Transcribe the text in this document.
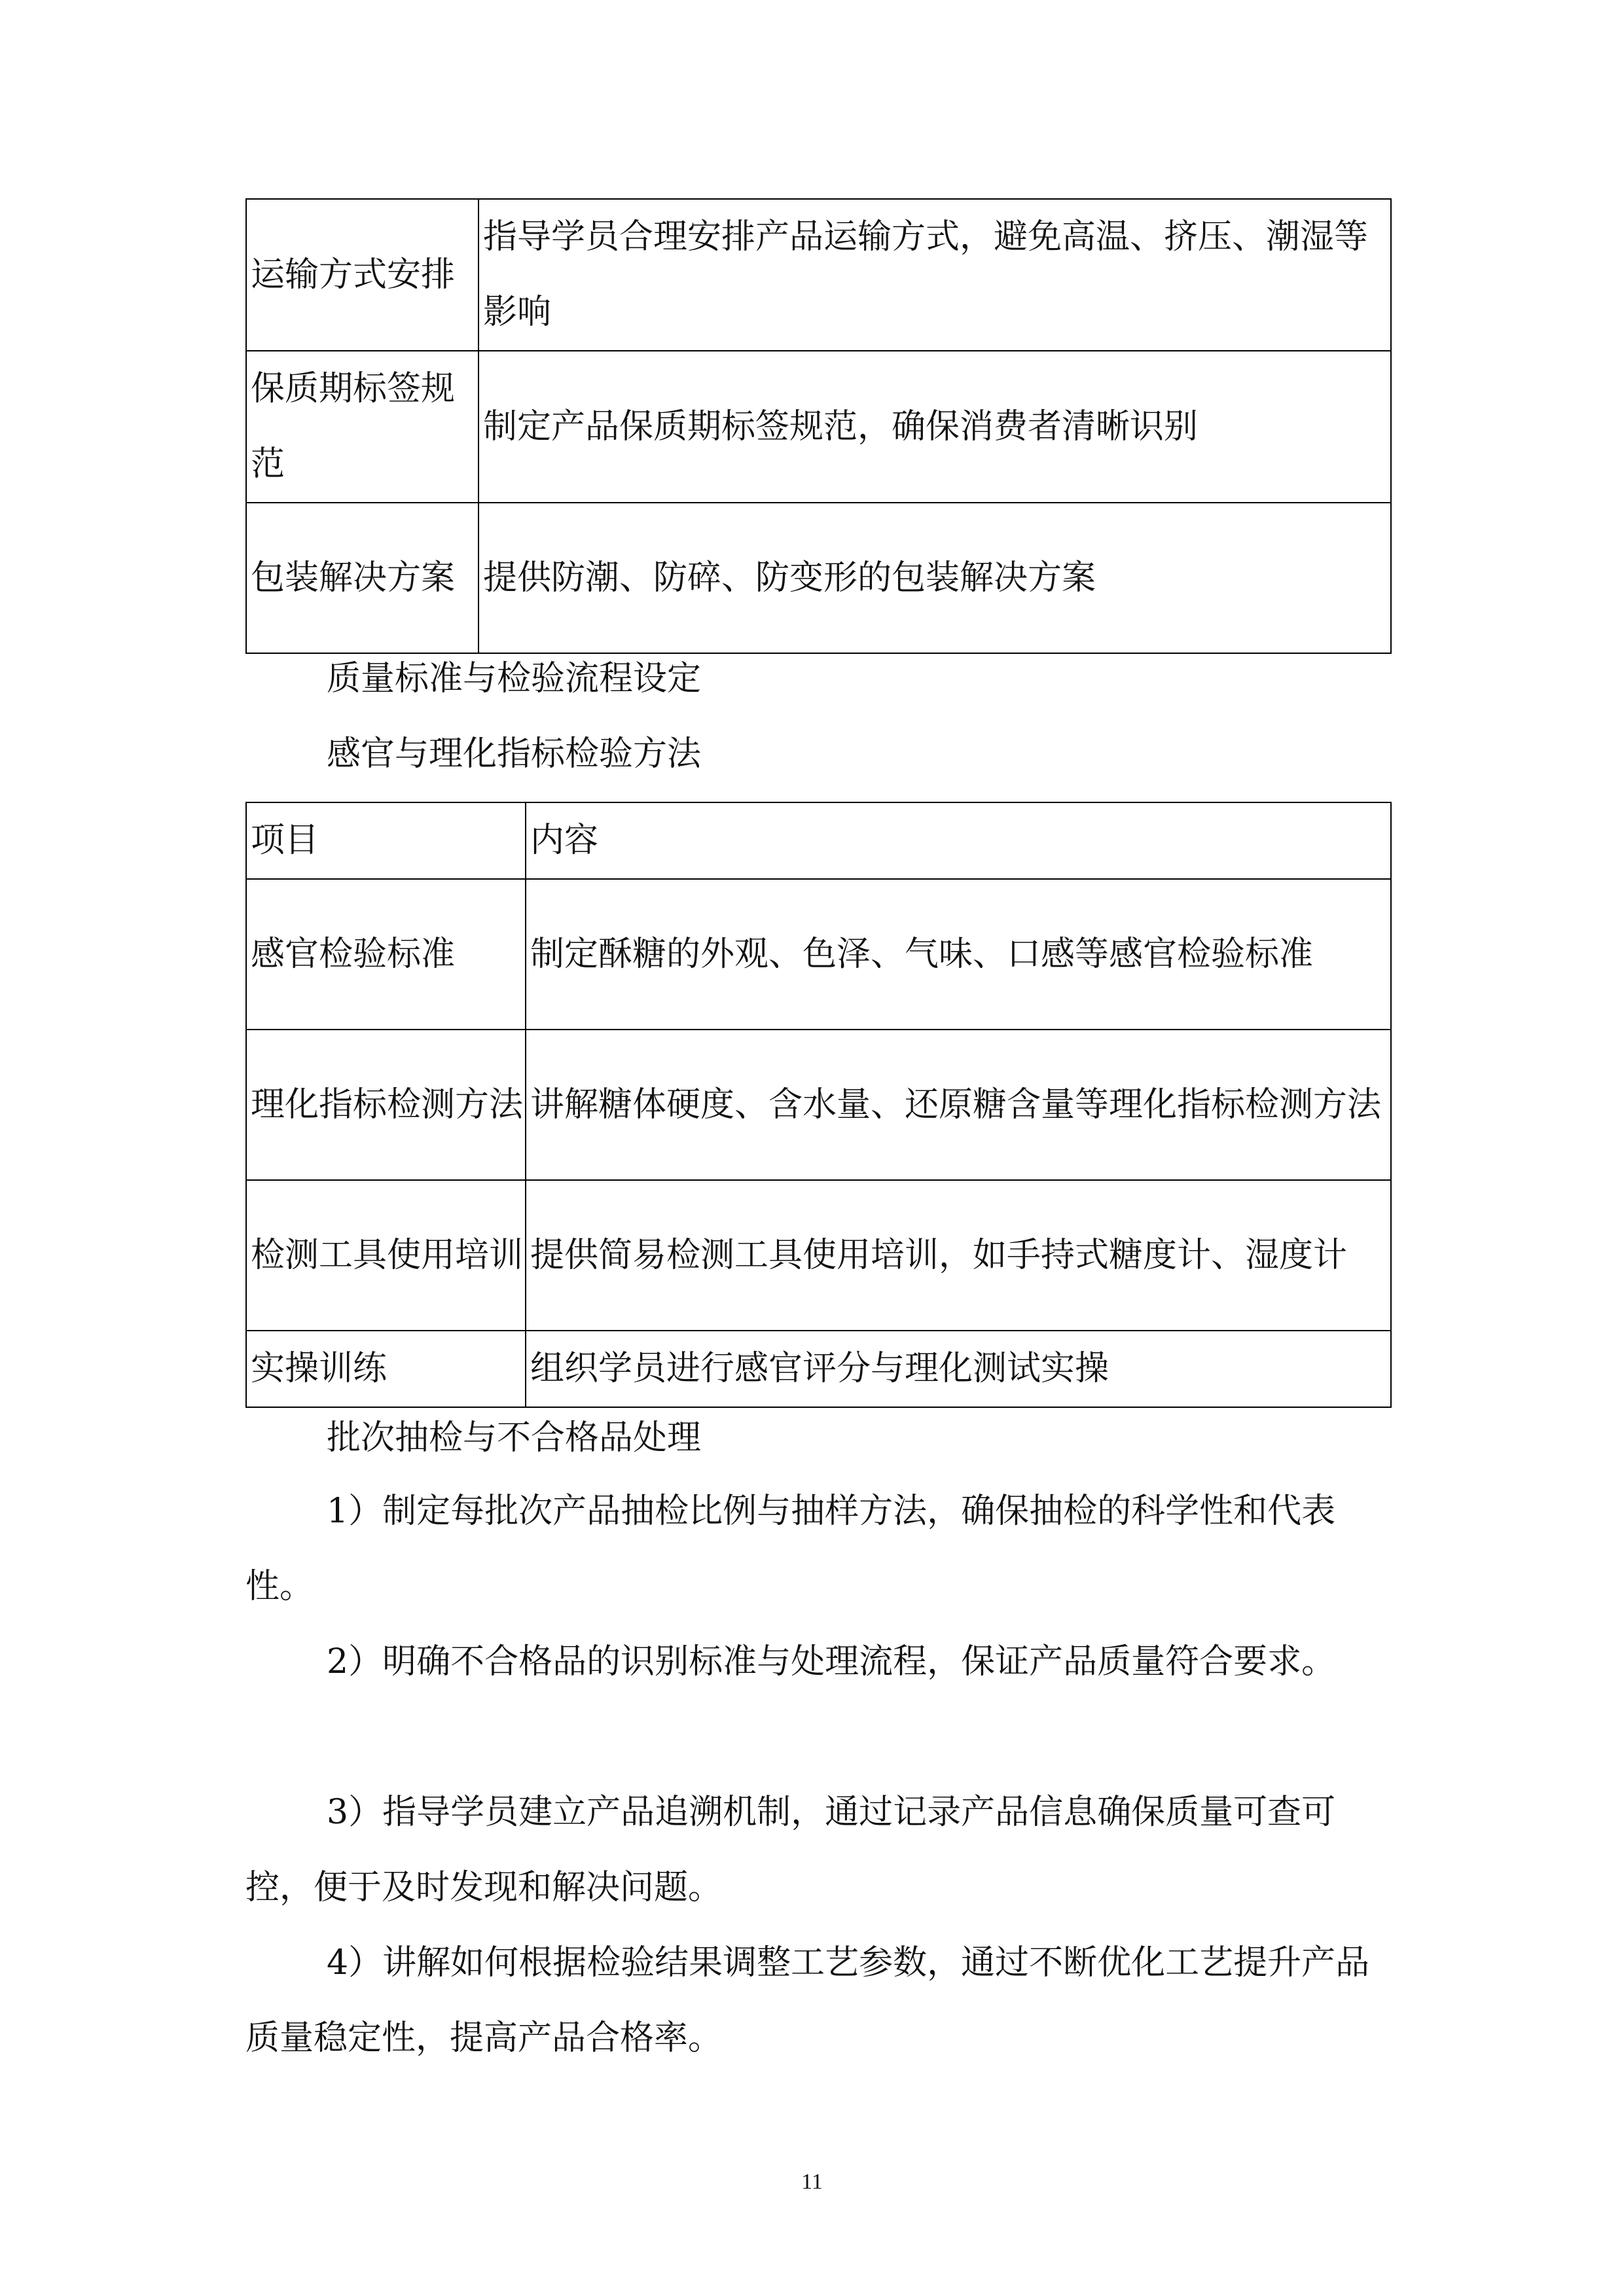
运输方式安排	指导学员合理安排产品运输方式，避免高温、挤压、潮湿等影响
保质期标签规范	制定产品保质期标签规范，确保消费者清晰识别
包装解决方案	提供防潮、防碎、防变形的包装解决方案

质量标准与检验流程设定

感官与理化指标检验方法

项目	内容
感官检验标准	制定酥糖的外观、色泽、气味、口感等感官检验标准
理化指标检测方法	讲解糖体硬度、含水量、还原糖含量等理化指标检测方法
检测工具使用培训	提供简易检测工具使用培训，如手持式糖度计、湿度计
实操训练	组织学员进行感官评分与理化测试实操

批次抽检与不合格品处理

1）制定每批次产品抽检比例与抽样方法，确保抽检的科学性和代表性。

2）明确不合格品的识别标准与处理流程，保证产品质量符合要求。

3）指导学员建立产品追溯机制，通过记录产品信息确保质量可查可控，便于及时发现和解决问题。

4）讲解如何根据检验结果调整工艺参数，通过不断优化工艺提升产品质量稳定性，提高产品合格率。

11
